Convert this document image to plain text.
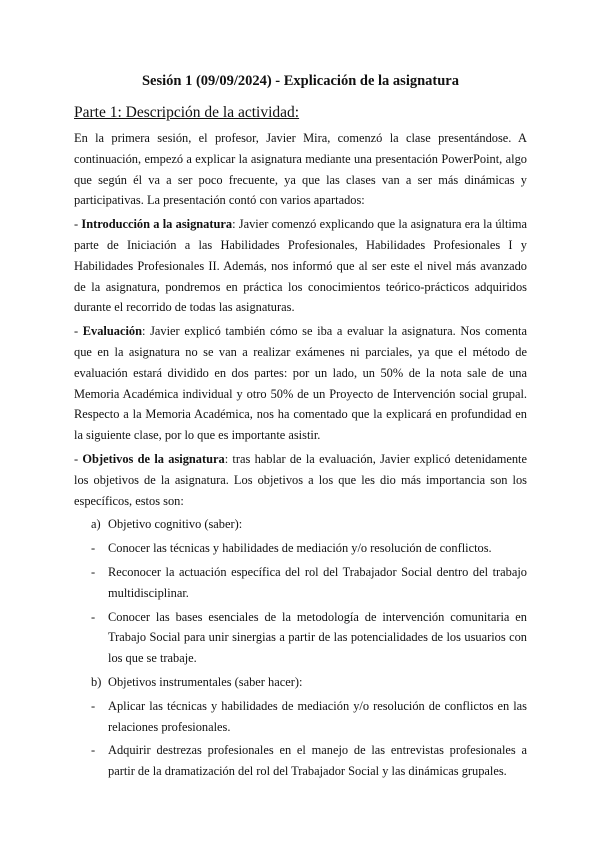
Sesión 1 (09/09/2024) - Explicación de la asignatura
Parte 1: Descripción de la actividad:

En la primera sesión, el profesor, Javier Mira, comenzó la clase presentándose. A continuación, empezó a explicar la asignatura mediante una presentación PowerPoint, algo que según él va a ser poco frecuente, ya que las clases van a ser más dinámicas y participativas. La presentación contó con varios apartados:

- Introducción a la asignatura: Javier comenzó explicando que la asignatura era la última parte de Iniciación a las Habilidades Profesionales, Habilidades Profesionales I y Habilidades Profesionales II. Además, nos informó que al ser este el nivel más avanzado de la asignatura, pondremos en práctica los conocimientos teórico-prácticos adquiridos durante el recorrido de todas las asignaturas.

- Evaluación: Javier explicó también cómo se iba a evaluar la asignatura. Nos comenta que en la asignatura no se van a realizar exámenes ni parciales, ya que el método de evaluación estará dividido en dos partes: por un lado, un 50% de la nota sale de una Memoria Académica individual y otro 50% de un Proyecto de Intervención social grupal. Respecto a la Memoria Académica, nos ha comentado que la explicará en profundidad en la siguiente clase, por lo que es importante asistir.

- Objetivos de la asignatura: tras hablar de la evaluación, Javier explicó detenidamente los objetivos de la asignatura. Los objetivos a los que les dio más importancia son los específicos, estos son:

a) Objetivo cognitivo (saber):
-	Conocer las técnicas y habilidades de mediación y/o resolución de conflictos.
-	Reconocer la actuación específica del rol del Trabajador Social dentro del trabajo multidisciplinar.
-	Conocer las bases esenciales de la metodología de intervención comunitaria en Trabajo Social para unir sinergias a partir de las potencialidades de los usuarios con los que se trabaje.
b) Objetivos instrumentales (saber hacer):
-	Aplicar las técnicas y habilidades de mediación y/o resolución de conflictos en las relaciones profesionales.
-	Adquirir destrezas profesionales en el manejo de las entrevistas profesionales a partir de la dramatización del rol del Trabajador Social y las dinámicas grupales.
